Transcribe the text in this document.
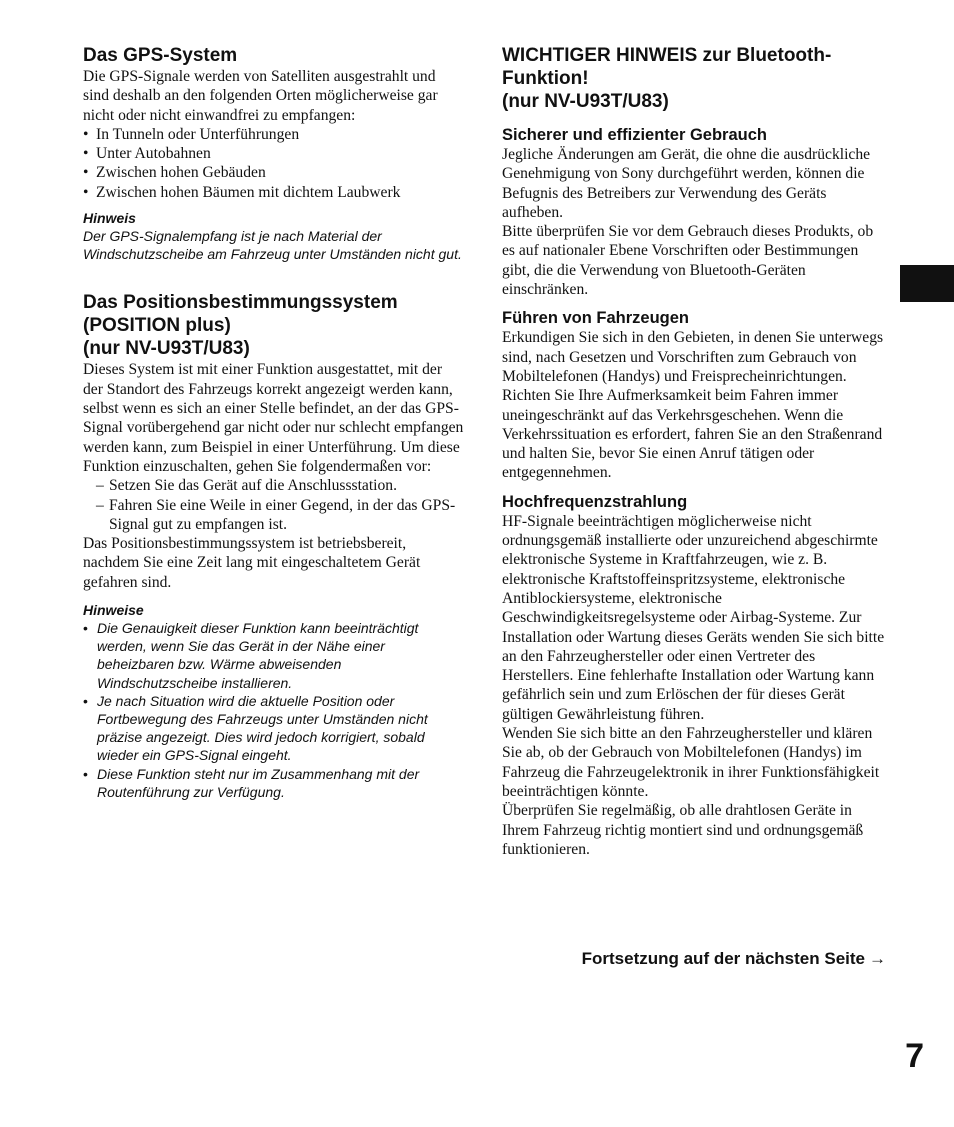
Das GPS-System

Die GPS-Signale werden von Satelliten ausgestrahlt und sind deshalb an den folgenden Orten möglicherweise gar nicht oder nicht einwandfrei zu empfangen:

• In Tunneln oder Unterführungen
• Unter Autobahnen
• Zwischen hohen Gebäuden
• Zwischen hohen Bäumen mit dichtem Laubwerk

Hinweis

Der GPS-Signalempfang ist je nach Material der Windschutzscheibe am Fahrzeug unter Umständen nicht gut.

Das Positionsbestimmungssystem
(POSITION plus)
(nur NV-U93T/U83)

Dieses System ist mit einer Funktion ausgestattet, mit der der Standort des Fahrzeugs korrekt angezeigt werden kann, selbst wenn es sich an einer Stelle befindet, an der das GPS-Signal vorübergehend gar nicht oder nur schlecht empfangen werden kann, zum Beispiel in einer Unterführung. Um diese Funktion einzuschalten, gehen Sie folgendermaßen vor:

– Setzen Sie das Gerät auf die Anschlussstation.
– Fahren Sie eine Weile in einer Gegend, in der das GPS-Signal gut zu empfangen ist.

Das Positionsbestimmungssystem ist betriebsbereit, nachdem Sie eine Zeit lang mit eingeschaltetem Gerät gefahren sind.

Hinweise

• Die Genauigkeit dieser Funktion kann beeinträchtigt werden, wenn Sie das Gerät in der Nähe einer beheizbaren bzw. Wärme abweisenden Windschutzscheibe installieren.
• Je nach Situation wird die aktuelle Position oder Fortbewegung des Fahrzeugs unter Umständen nicht präzise angezeigt. Dies wird jedoch korrigiert, sobald wieder ein GPS-Signal eingeht.
• Diese Funktion steht nur im Zusammenhang mit der Routenführung zur Verfügung.
WICHTIGER HINWEIS zur Bluetooth-
Funktion!
(nur NV-U93T/U83)
Sicherer und effizienter Gebrauch

Jegliche Änderungen am Gerät, die ohne die ausdrückliche Genehmigung von Sony durchgeführt werden, können die Befugnis des Betreibers zur Verwendung des Geräts aufheben.

Bitte überprüfen Sie vor dem Gebrauch dieses Produkts, ob es auf nationaler Ebene Vorschriften oder Bestimmungen gibt, die die Verwendung von Bluetooth-Geräten einschränken.

Führen von Fahrzeugen

Erkundigen Sie sich in den Gebieten, in denen Sie unterwegs sind, nach Gesetzen und Vorschriften zum Gebrauch von Mobiltelefonen (Handys) und Freisprecheinrichtungen.

Richten Sie Ihre Aufmerksamkeit beim Fahren immer uneingeschränkt auf das Verkehrsgeschehen. Wenn die Verkehrssituation es erfordert, fahren Sie an den Straßenrand und halten Sie, bevor Sie einen Anruf tätigen oder entgegennehmen.

Hochfrequenzstrahlung

HF-Signale beeinträchtigen möglicherweise nicht ordnungsgemäß installierte oder unzureichend abgeschirmte elektronische Systeme in Kraftfahrzeugen, wie z. B. elektronische Kraftstoffeinspritzsysteme, elektronische Antiblockiersysteme, elektronische Geschwindigkeitsregelsysteme oder Airbag-Systeme. Zur Installation oder Wartung dieses Geräts wenden Sie sich bitte an den Fahrzeughersteller oder einen Vertreter des Herstellers. Eine fehlerhafte Installation oder Wartung kann gefährlich sein und zum Erlöschen der für dieses Gerät gültigen Gewährleistung führen.

Wenden Sie sich bitte an den Fahrzeughersteller und klären Sie ab, ob der Gebrauch von Mobiltelefonen (Handys) im Fahrzeug die Fahrzeugelektronik in ihrer Funktionsfähigkeit beeinträchtigen könnte.

Überprüfen Sie regelmäßig, ob alle drahtlosen Geräte in Ihrem Fahrzeug richtig montiert sind und ordnungsgemäß funktionieren.

Fortsetzung auf der nächsten Seite →
7
